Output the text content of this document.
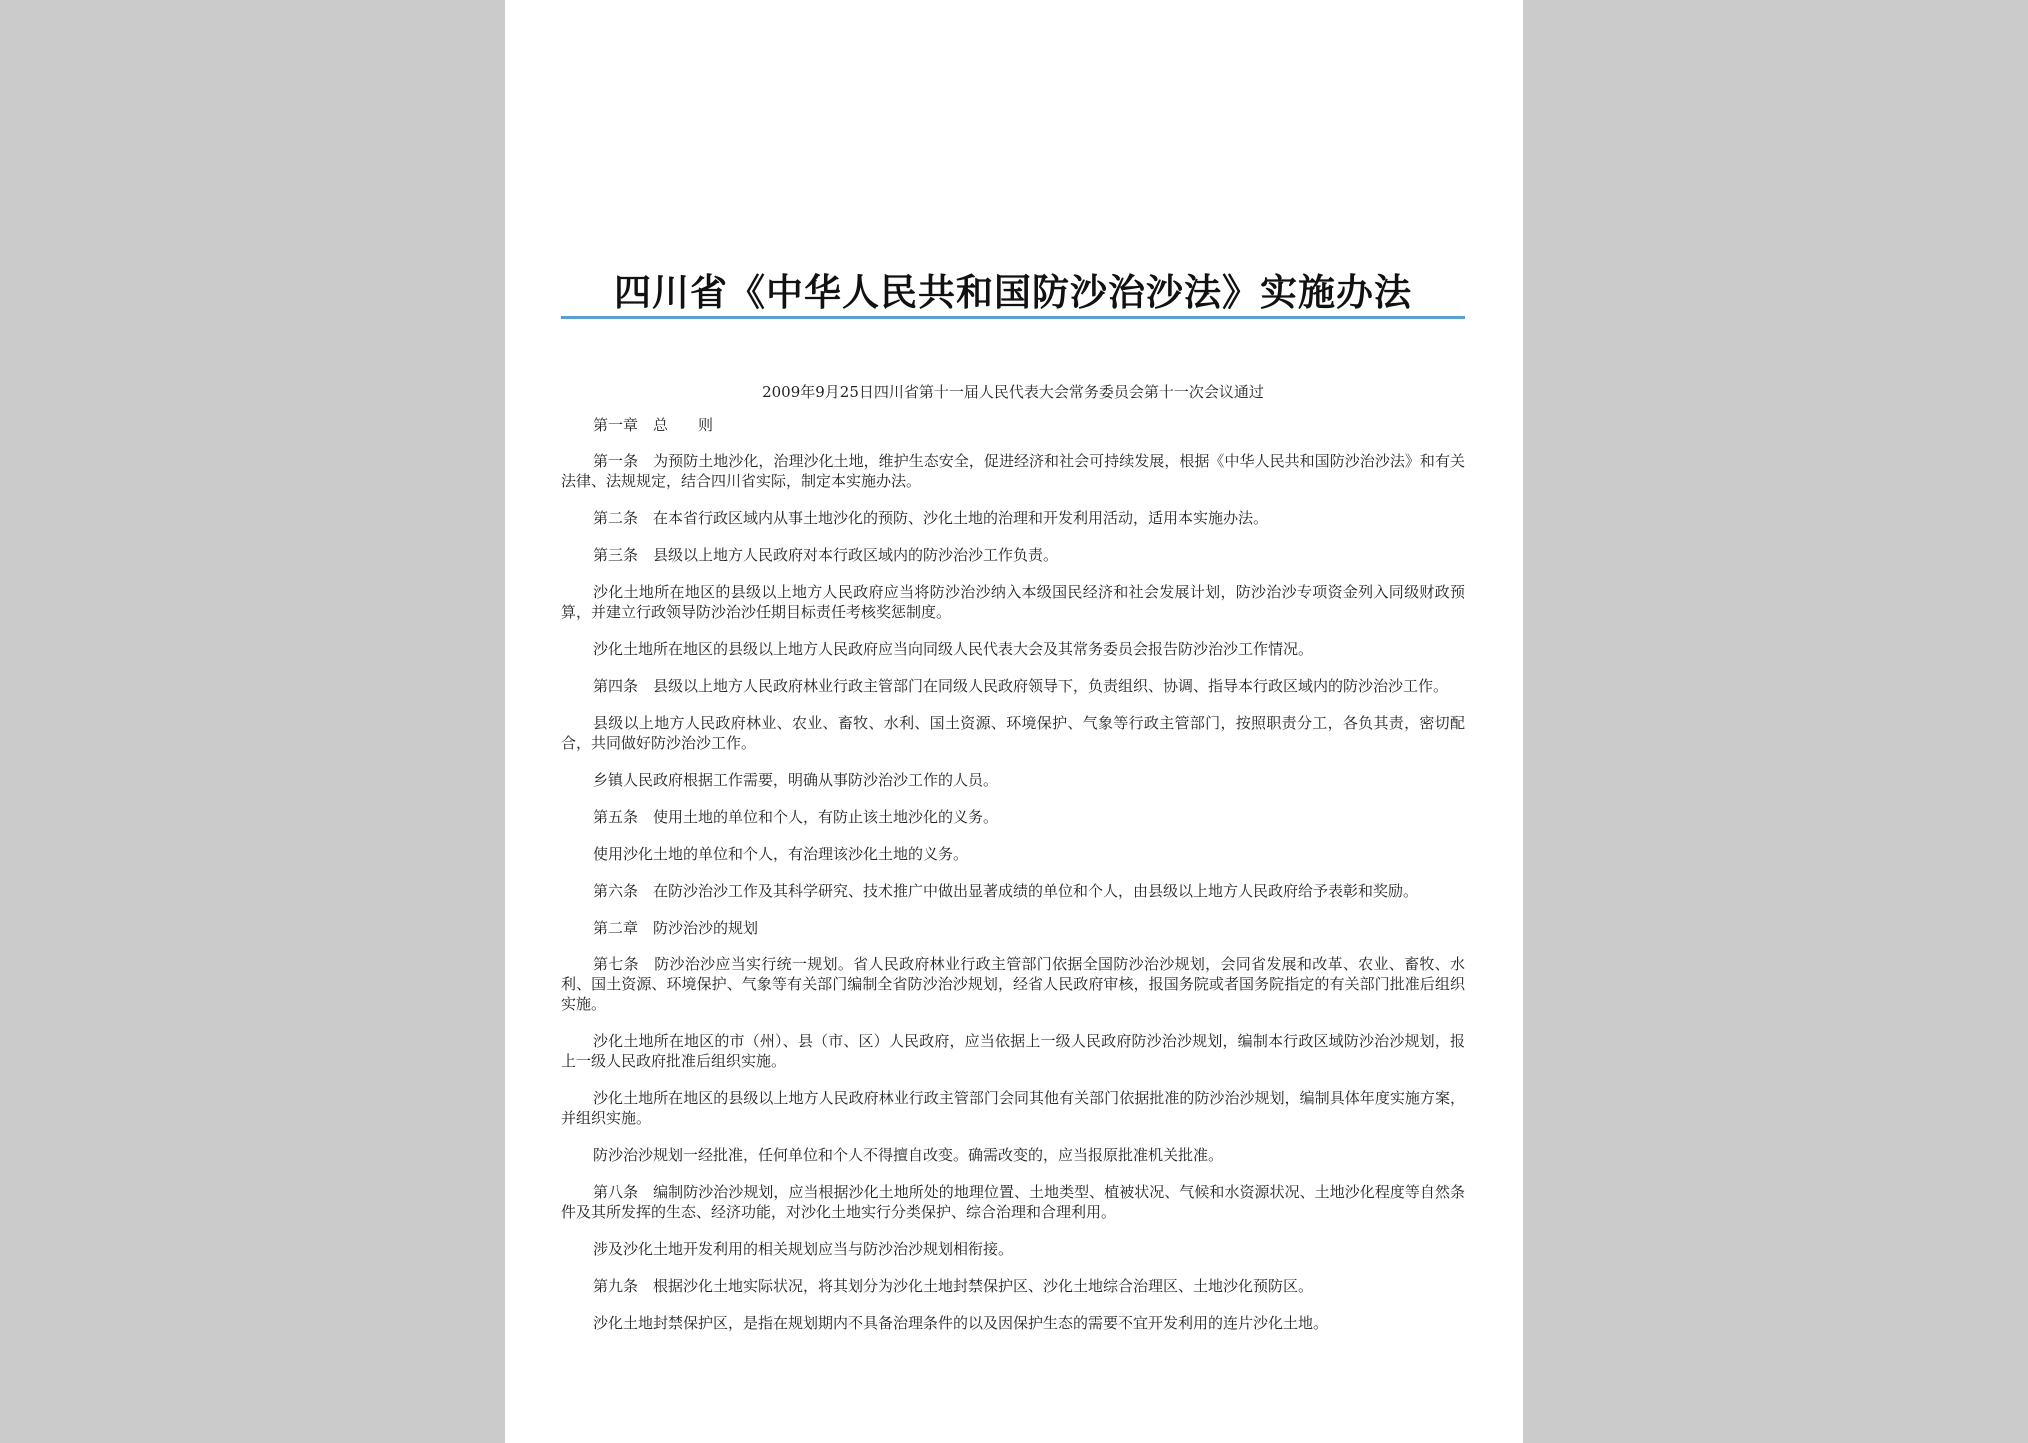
四川省《中华人民共和国防沙治沙法》实施办法
2009年9月25日四川省第十一届人民代表大会常务委员会第十一次会议通过

第一章　总　　则

第一条　为预防土地沙化，治理沙化土地，维护生态安全，促进经济和社会可持续发展，根据《中华人民共和国防沙治沙法》和有关法律、法规规定，结合四川省实际，制定本实施办法。

第二条　在本省行政区域内从事土地沙化的预防、沙化土地的治理和开发利用活动，适用本实施办法。

第三条　县级以上地方人民政府对本行政区域内的防沙治沙工作负责。

沙化土地所在地区的县级以上地方人民政府应当将防沙治沙纳入本级国民经济和社会发展计划，防沙治沙专项资金列入同级财政预算，并建立行政领导防沙治沙任期目标责任考核奖惩制度。

沙化土地所在地区的县级以上地方人民政府应当向同级人民代表大会及其常务委员会报告防沙治沙工作情况。

第四条　县级以上地方人民政府林业行政主管部门在同级人民政府领导下，负责组织、协调、指导本行政区域内的防沙治沙工作。

县级以上地方人民政府林业、农业、畜牧、水利、国土资源、环境保护、气象等行政主管部门，按照职责分工，各负其责，密切配合，共同做好防沙治沙工作。

乡镇人民政府根据工作需要，明确从事防沙治沙工作的人员。

第五条　使用土地的单位和个人，有防止该土地沙化的义务。

使用沙化土地的单位和个人，有治理该沙化土地的义务。

第六条　在防沙治沙工作及其科学研究、技术推广中做出显著成绩的单位和个人，由县级以上地方人民政府给予表彰和奖励。

第二章　防沙治沙的规划

第七条　防沙治沙应当实行统一规划。省人民政府林业行政主管部门依据全国防沙治沙规划，会同省发展和改革、农业、畜牧、水利、国土资源、环境保护、气象等有关部门编制全省防沙治沙规划，经省人民政府审核，报国务院或者国务院指定的有关部门批准后组织实施。

沙化土地所在地区的市（州）、县（市、区）人民政府，应当依据上一级人民政府防沙治沙规划，编制本行政区域防沙治沙规划，报上一级人民政府批准后组织实施。

沙化土地所在地区的县级以上地方人民政府林业行政主管部门会同其他有关部门依据批准的防沙治沙规划，编制具体年度实施方案，并组织实施。

防沙治沙规划一经批准，任何单位和个人不得擅自改变。确需改变的，应当报原批准机关批准。

第八条　编制防沙治沙规划，应当根据沙化土地所处的地理位置、土地类型、植被状况、气候和水资源状况、土地沙化程度等自然条件及其所发挥的生态、经济功能，对沙化土地实行分类保护、综合治理和合理利用。

涉及沙化土地开发利用的相关规划应当与防沙治沙规划相衔接。

第九条　根据沙化土地实际状况，将其划分为沙化土地封禁保护区、沙化土地综合治理区、土地沙化预防区。

沙化土地封禁保护区，是指在规划期内不具备治理条件的以及因保护生态的需要不宜开发利用的连片沙化土地。
